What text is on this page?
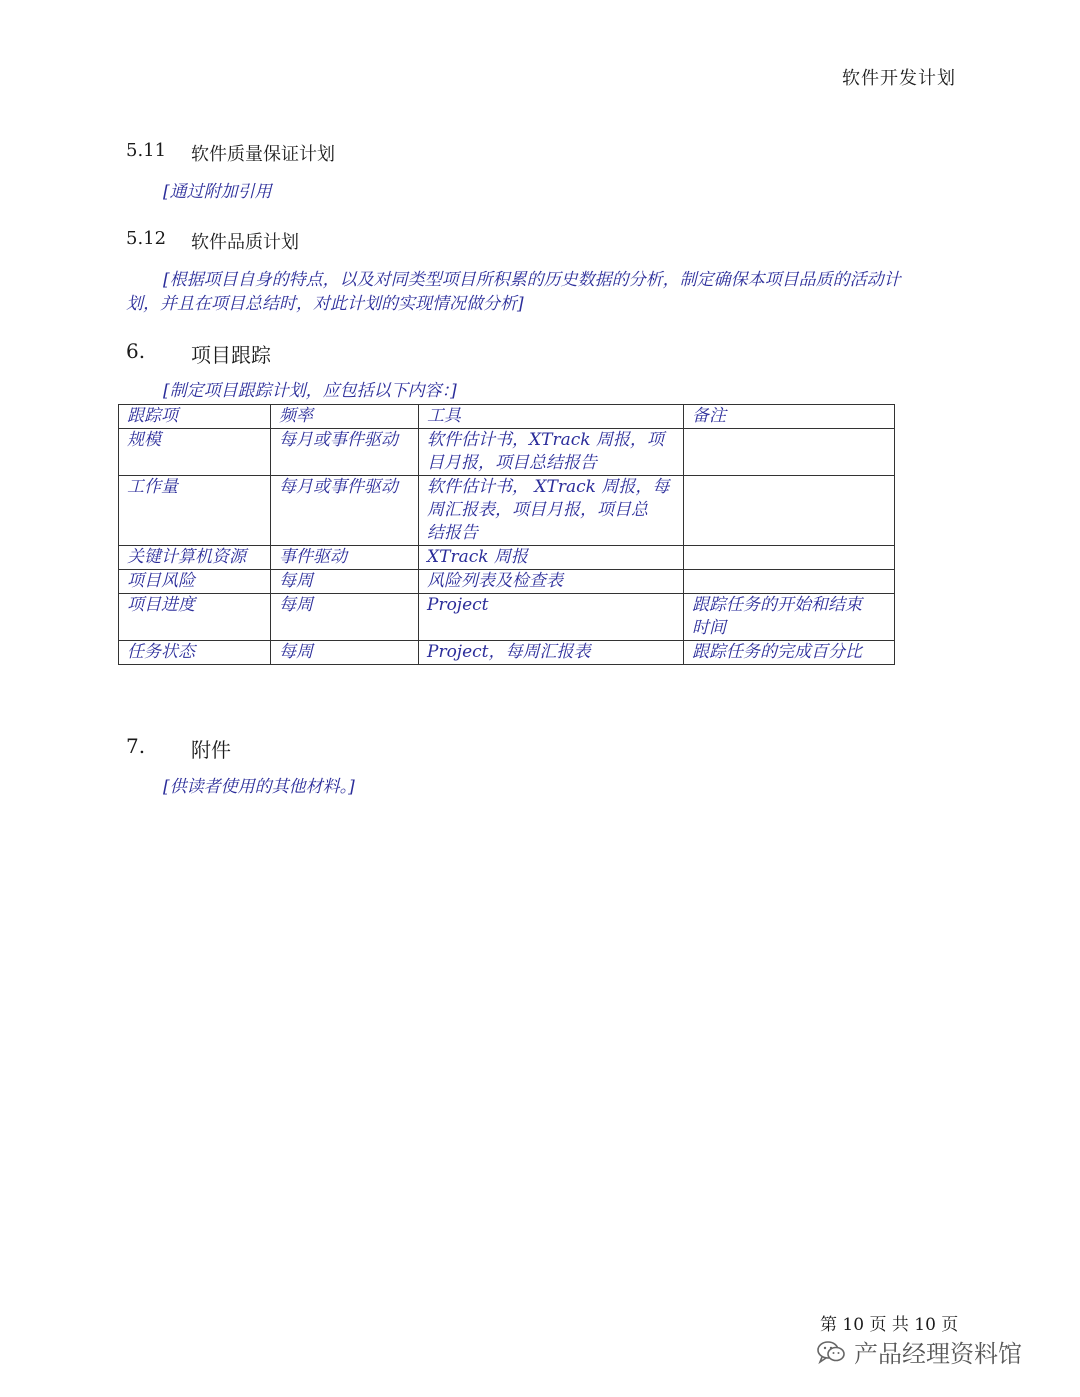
软件开发计划
5.11 软件质量保证计划
[通过附加引用
5.12 软件品质计划
[根据项目自身的特点，以及对同类型项目所积累的历史数据的分析，制定确保本项目品质的活动计
划，并且在项目总结时，对此计划的实现情况做分析]
6. 项目跟踪
[制定项目跟踪计划，应包括以下内容：]
跟踪项	频率	工具	备注
规模	每月或事件驱动	软件估计书，XTrack 周报，项
目月报，项目总结报告	

工作量	每月或事件驱动	软件估计书， XTrack 周报，每
周汇报表，项目月报，项目总
结报告	

关键计算机资源	事件驱动	XTrack 周报	
项目风险	每周	风险列表及检查表	
项目进度	每周	Project	跟踪任务的开始和结束
时间

任务状态	每周	Project，每周汇报表	跟踪任务的完成百分比
7. 附件
[供读者使用的其他材料。]
第 10 页 共 10 页
产品经理资料馆
